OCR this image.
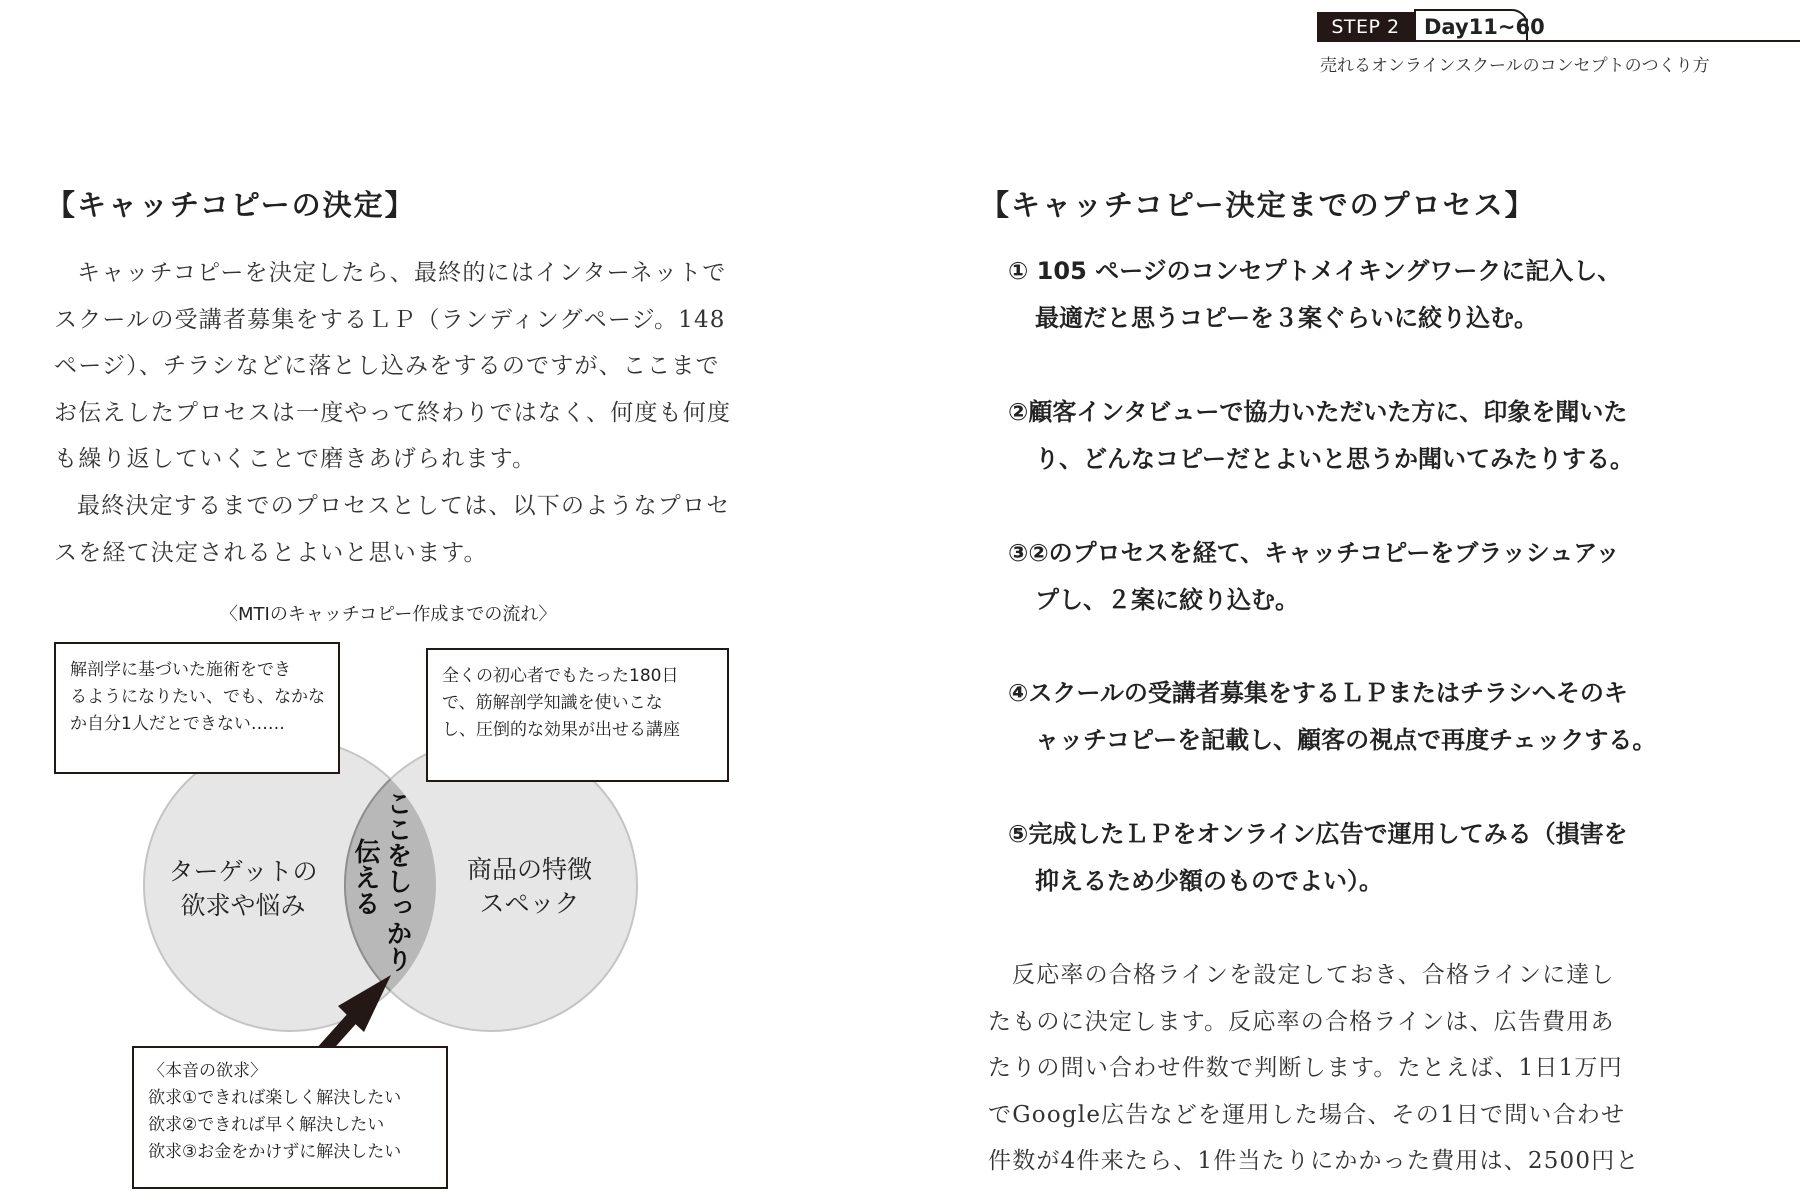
STEP 2	Day11~60
売れるオンラインスクールのコンセプトのつくり方
【キャッチコピーの決定】

キャッチコピーを決定したら、最終的にはインターネットでスクールの受講者募集をするＬＰ（ランディングページ。148ページ）、チラシなどに落とし込みをするのですが、ここまでお伝えしたプロセスは一度やって終わりではなく、何度も何度も繰り返していくことで磨きあげられます。

最終決定するまでのプロセスとしては、以下のようなプロセスを経て決定されるとよいと思います。

〈MTIのキャッチコピー作成までの流れ〉
解剖学に基づいた施術をでき
るようになりたい、でも、なかな
か自分1人だとできない……
全くの初心者でもたった180日
で、筋解剖学知識を使いこな
し、圧倒的な効果が出せる講座
ターゲットの
欲求や悩み
商品の特徴
スペック
ここをしっかり
伝える
〈本音の欲求〉
欲求①できれば楽しく解決したい
欲求②できれば早く解決したい
欲求③お金をかけずに解決したい
【キャッチコピー決定までのプロセス】
① 105 ページのコンセプトメイキングワークに記入し、
最適だと思うコピーを３案ぐらいに絞り込む。
②顧客インタビューで協力いただいた方に、印象を聞いた
り、どんなコピーだとよいと思うか聞いてみたりする。
③②のプロセスを経て、キャッチコピーをブラッシュアッ
プし、２案に絞り込む。
④スクールの受講者募集をするＬＰまたはチラシへそのキ
ャッチコピーを記載し、顧客の視点で再度チェックする。
⑤完成したＬＰをオンライン広告で運用してみる（損害を
抑えるため少額のものでよい）。
反応率の合格ラインを設定しておき、合格ラインに達し
たものに決定します。反応率の合格ラインは、広告費用あ
たりの問い合わせ件数で判断します。たとえば、1日1万円
でGoogle広告などを運用した場合、その1日で問い合わせ
件数が4件来たら、1件当たりにかかった費用は、2500円と
